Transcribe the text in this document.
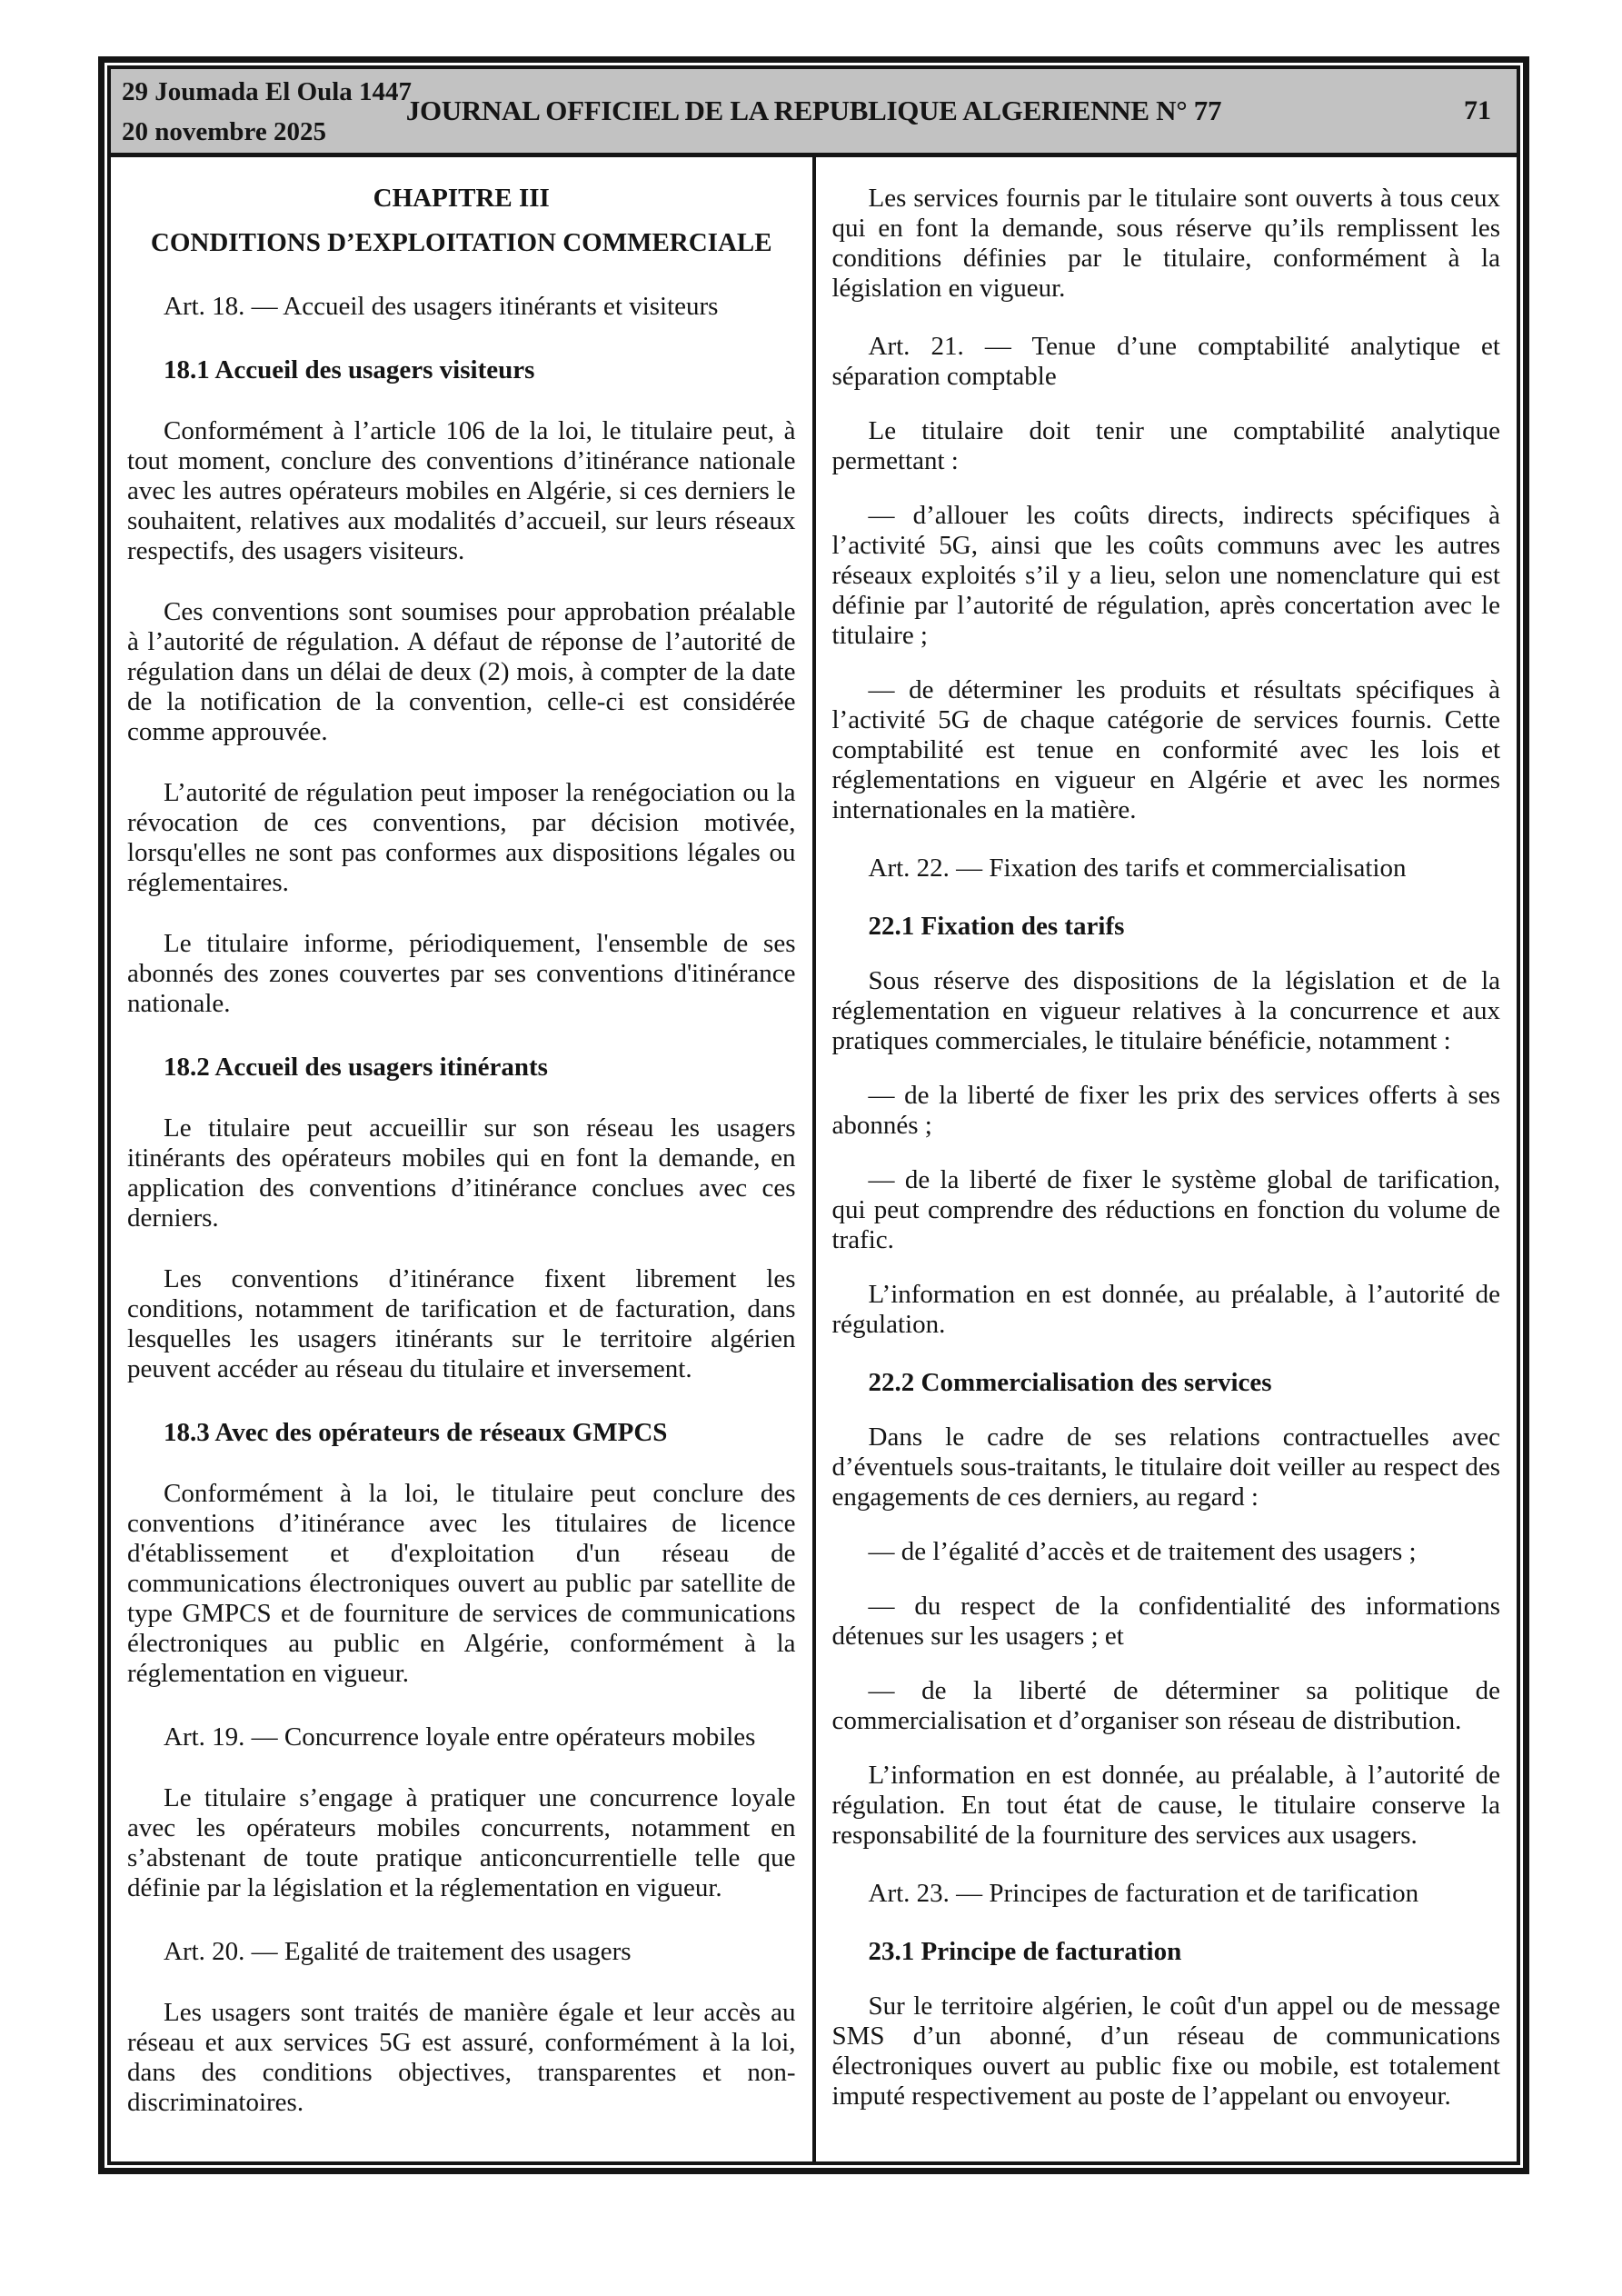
29 Joumada El Oula 1447
20 novembre 2025
JOURNAL OFFICIEL DE LA REPUBLIQUE ALGERIENNE N° 77	71

CHAPITRE III

CONDITIONS D’EXPLOITATION COMMERCIALE

Art. 18. — Accueil des usagers itinérants et visiteurs

18.1 Accueil des usagers visiteurs

Conformément à l’article 106 de la loi, le titulaire peut, à tout moment, conclure des conventions d’itinérance nationale avec les autres opérateurs mobiles en Algérie, si ces derniers le souhaitent, relatives aux modalités d’accueil, sur leurs réseaux respectifs, des usagers visiteurs.

Ces conventions sont soumises pour approbation préalable à l’autorité de régulation. A défaut de réponse de l’autorité de régulation dans un délai de deux (2) mois, à compter de la date de la notification de la convention, celle-ci est considérée comme approuvée.

L’autorité de régulation peut imposer la renégociation ou la révocation de ces conventions, par décision motivée, lorsqu'elles ne sont pas conformes aux dispositions légales ou réglementaires.

Le titulaire informe, périodiquement, l'ensemble de ses abonnés des zones couvertes par ses conventions d'itinérance nationale.

18.2 Accueil des usagers itinérants

Le titulaire peut accueillir sur son réseau les usagers itinérants des opérateurs mobiles qui en font la demande, en application des conventions d’itinérance conclues avec ces derniers.

Les conventions d’itinérance fixent librement les conditions, notamment de tarification et de facturation, dans lesquelles les usagers itinérants sur le territoire algérien peuvent accéder au réseau du titulaire et inversement.

18.3 Avec des opérateurs de réseaux GMPCS

Conformément à la loi, le titulaire peut conclure des conventions d’itinérance avec les titulaires de licence d'établissement et d'exploitation d'un réseau de communications électroniques ouvert au public par satellite de type GMPCS et de fourniture de services de communications électroniques au public en Algérie, conformément à la réglementation en vigueur.

Art. 19. — Concurrence loyale entre opérateurs mobiles

Le titulaire s’engage à pratiquer une concurrence loyale avec les opérateurs mobiles concurrents, notamment en s’abstenant de toute pratique anticoncurrentielle telle que définie par la législation et la réglementation en vigueur.

Art. 20. — Egalité de traitement des usagers

Les usagers sont traités de manière égale et leur accès au réseau et aux services 5G est assuré, conformément à la loi, dans des conditions objectives, transparentes et non- discriminatoires.

Les services fournis par le titulaire sont ouverts à tous ceux qui en font la demande, sous réserve qu’ils remplissent les conditions définies par le titulaire, conformément à la législation en vigueur.

Art. 21. — Tenue d’une comptabilité analytique et séparation comptable

Le titulaire doit tenir une comptabilité analytique permettant :

— d’allouer les coûts directs, indirects spécifiques à l’activité 5G, ainsi que les coûts communs avec les autres réseaux exploités s’il y a lieu, selon une nomenclature qui est définie par l’autorité de régulation, après concertation avec le titulaire ;

— de déterminer les produits et résultats spécifiques à l’activité 5G de chaque catégorie de services fournis. Cette comptabilité est tenue en conformité avec les lois et réglementations en vigueur en Algérie et avec les normes internationales en la matière.

Art. 22. — Fixation des tarifs et commercialisation

22.1 Fixation des tarifs

Sous réserve des dispositions de la législation et de la réglementation en vigueur relatives à la concurrence et aux pratiques commerciales, le titulaire bénéficie, notamment :

— de la liberté de fixer les prix des services offerts à ses abonnés ;

— de la liberté de fixer le système global de tarification, qui peut comprendre des réductions en fonction du volume de trafic.

L’information en est donnée, au préalable, à l’autorité de régulation.

22.2 Commercialisation des services

Dans le cadre de ses relations contractuelles avec d’éventuels sous-traitants, le titulaire doit veiller au respect des engagements de ces derniers, au regard :

— de l’égalité d’accès et de traitement des usagers ;

— du respect de la confidentialité des informations détenues sur les usagers ; et

— de la liberté de déterminer sa politique de commercialisation et d’organiser son réseau de distribution.

L’information en est donnée, au préalable, à l’autorité de régulation. En tout état de cause, le titulaire conserve la responsabilité de la fourniture des services aux usagers.

Art. 23. — Principes de facturation et de tarification

23.1 Principe de facturation

Sur le territoire algérien, le coût d'un appel ou de message SMS d’un abonné, d’un réseau de communications électroniques ouvert au public fixe ou mobile, est totalement imputé respectivement au poste de l’appelant ou envoyeur.
